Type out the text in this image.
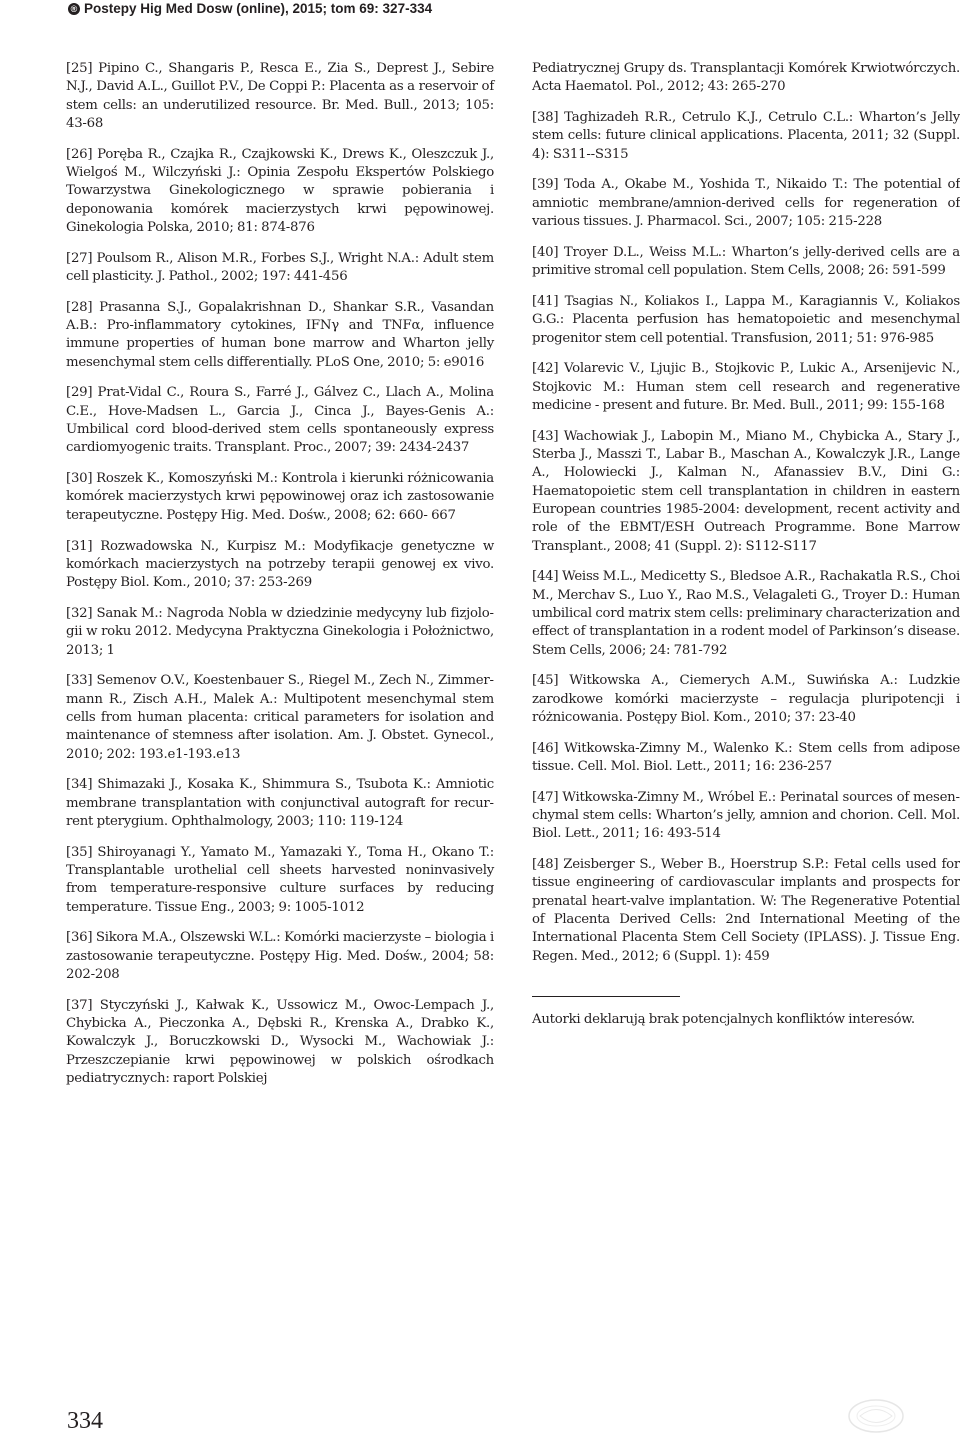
® Postepy Hig Med Dosw (online), 2015; tom 69: 327-334

[25] Pipino C., Shangaris P., Resca E., Zia S., Deprest J., Sebire N.J., David A.L., Guillot P.V., De Coppi P.: Placenta as a reservoir of stem cells: an underutilized resource. Br. Med. Bull., 2013; 105: 43-68

[26] Poręba R., Czajka R., Czajkowski K., Drews K., Oleszczuk J., Wielgoś M., Wilczyński J.: Opinia Zespołu Ekspertów Polskiego Towarzystwa Ginekologicznego w sprawie pobierania i deponowania komórek macierzystych krwi pępowinowej. Ginekologia Polska, 2010; 81: 874-876

[27] Poulsom R., Alison M.R., Forbes S.J., Wright N.A.: Adult stem cell plasticity. J. Pathol., 2002; 197: 441-456

[28] Prasanna S.J., Gopalakrishnan D., Shankar S.R., Vasandan A.B.: Pro-inflammatory cytokines, IFNγ and TNFα, influence immune properties of human bone marrow and Wharton jelly mesenchymal stem cells differentially. PLoS One, 2010; 5: e9016

[29] Prat-Vidal C., Roura S., Farré J., Gálvez C., Llach A., Molina C.E., Hove-Madsen L., Garcia J., Cinca J., Bayes-Genis A.: Umbilical cord blood-derived stem cells spontaneously express cardiomyogenic traits. Transplant. Proc., 2007; 39: 2434-2437

[30] Roszek K., Komoszyński M.: Kontrola i kierunki różnicowania komórek macierzystych krwi pępowinowej oraz ich zastosowanie terapeutyczne. Postępy Hig. Med. Dośw., 2008; 62: 660- 667

[31] Rozwadowska N., Kurpisz M.: Modyfikacje genetyczne w komórkach macierzystych na potrzeby terapii genowej ex vivo. Postępy Biol. Kom., 2010; 37: 253-269

[32] Sanak M.: Nagroda Nobla w dziedzinie medycyny lub fizjologii w roku 2012. Medycyna Praktyczna Ginekologia i Położnictwo, 2013; 1

[33] Semenov O.V., Koestenbauer S., Riegel M., Zech N., Zimmermann R., Zisch A.H., Malek A.: Multipotent mesenchymal stem cells from human placenta: critical parameters for isolation and maintenance of stemness after isolation. Am. J. Obstet. Gynecol., 2010; 202: 193.e1-193.e13

[34] Shimazaki J., Kosaka K., Shimmura S., Tsubota K.: Amniotic membrane transplantation with conjunctival autograft for recurrent pterygium. Ophthalmology, 2003; 110: 119-124

[35] Shiroyanagi Y., Yamato M., Yamazaki Y., Toma H., Okano T.: Transplantable urothelial cell sheets harvested noninvasively from temperature-responsive culture surfaces by reducing temperature. Tissue Eng., 2003; 9: 1005-1012

[36] Sikora M.A., Olszewski W.L.: Komórki macierzyste – biologia i zastosowanie terapeutyczne. Postępy Hig. Med. Dośw., 2004; 58: 202-208

[37] Styczyński J., Kałwak K., Ussowicz M., Owoc-Lempach J., Chybicka A., Pieczonka A., Dębski R., Krenska A., Drabko K., Kowalczyk J., Boruczkowski D., Wysocki M., Wachowiak J.: Przeszczepianie krwi pępowinowej w polskich ośrodkach pediatrycznych: raport Polskiej

Pediatrycznej Grupy ds. Transplantacji Komórek Krwiotwórczych. Acta Haematol. Pol., 2012; 43: 265-270

[38] Taghizadeh R.R., Cetrulo K.J., Cetrulo C.L.: Wharton’s Jelly stem cells: future clinical applications. Placenta, 2011; 32 (Suppl. 4): S311--S315

[39] Toda A., Okabe M., Yoshida T., Nikaido T.: The potential of amniotic membrane/amnion-derived cells for regeneration of various tissues. J. Pharmacol. Sci., 2007; 105: 215-228

[40] Troyer D.L., Weiss M.L.: Wharton’s jelly-derived cells are a primitive stromal cell population. Stem Cells, 2008; 26: 591-599

[41] Tsagias N., Koliakos I., Lappa M., Karagiannis V., Koliakos G.G.: Placenta perfusion has hematopoietic and mesenchymal progenitor stem cell potential. Transfusion, 2011; 51: 976-985

[42] Volarevic V., Ljujic B., Stojkovic P., Lukic A., Arsenijevic N., Stojkovic M.: Human stem cell research and regenerative medicine - present and future. Br. Med. Bull., 2011; 99: 155-168

[43] Wachowiak J., Labopin M., Miano M., Chybicka A., Stary J., Sterba J., Masszi T., Labar B., Maschan A., Kowalczyk J.R., Lange A., Holowiecki J., Kalman N., Afanassiev B.V., Dini G.: Haematopoietic stem cell transplantation in children in eastern European countries 1985-2004: development, recent activity and role of the EBMT/ESH Outreach Programme. Bone Marrow Transplant., 2008; 41 (Suppl. 2): S112-S117

[44] Weiss M.L., Medicetty S., Bledsoe A.R., Rachakatla R.S., Choi M., Merchav S., Luo Y., Rao M.S., Velagaleti G., Troyer D.: Human umbilical cord matrix stem cells: preliminary characterization and effect of transplantation in a rodent model of Parkinson’s disease. Stem Cells, 2006; 24: 781-792

[45] Witkowska A., Ciemerych A.M., Suwińska A.: Ludzkie zarodkowe komórki macierzyste – regulacja pluripotencji i różnicowania. Postępy Biol. Kom., 2010; 37: 23-40

[46] Witkowska-Zimny M., Walenko K.: Stem cells from adipose tissue. Cell. Mol. Biol. Lett., 2011; 16: 236-257

[47] Witkowska-Zimny M., Wróbel E.: Perinatal sources of mesenchymal stem cells: Wharton’s jelly, amnion and chorion. Cell. Mol. Biol. Lett., 2011; 16: 493-514

[48] Zeisberger S., Weber B., Hoerstrup S.P.: Fetal cells used for tissue engineering of cardiovascular implants and prospects for prenatal heart-valve implantation. W: The Regenerative Potential of Placenta Derived Cells: 2nd International Meeting of the International Placenta Stem Cell Society (IPLASS). J. Tissue Eng. Regen. Med., 2012; 6 (Suppl. 1): 459

Autorki deklarują brak potencjalnych konfliktów interesów.

334
